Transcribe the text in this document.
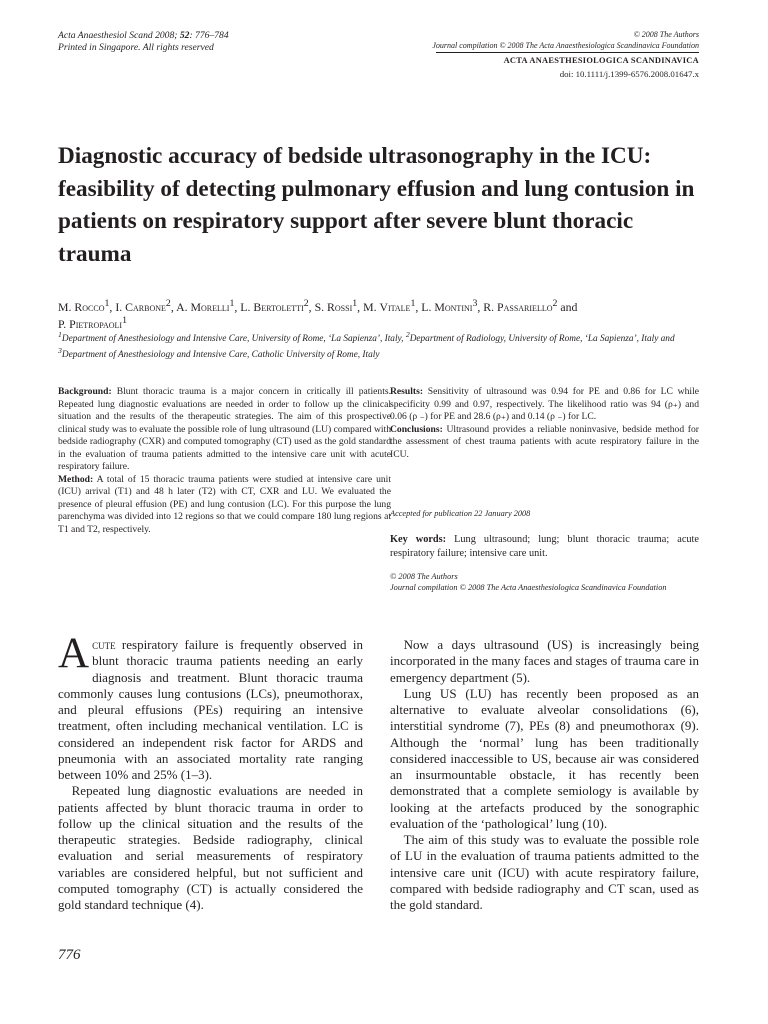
Acta Anaesthesiol Scand 2008; 52: 776–784
Printed in Singapore. All rights reserved
© 2008 The Authors
Journal compilation © 2008 The Acta Anaesthesiologica Scandinavica Foundation
ACTA ANAESTHESIOLOGICA SCANDINAVICA
doi: 10.1111/j.1399-6576.2008.01647.x
Diagnostic accuracy of bedside ultrasonography in the ICU: feasibility of detecting pulmonary effusion and lung contusion in patients on respiratory support after severe blunt thoracic trauma
M. Rocco$^1$, I. Carbone$^2$, A. Morelli$^1$, L. Bertoletti$^2$, S. Rossi$^1$, M. Vitale$^1$, L. Montini$^3$, R. Passariello$^2$ and
P. Pietropaoli$^1$
$^1$Department of Anesthesiology and Intensive Care, University of Rome, ‘La Sapienza’, Italy, $^2$Department of Radiology, University of Rome, ‘La Sapienza’, Italy and $^3$Department of Anesthesiology and Intensive Care, Catholic University of Rome, Italy

Background: Blunt thoracic trauma is a major concern in critically ill patients. Repeated lung diagnostic evaluations are needed in order to follow up the clinical situation and the results of the therapeutic strategies. The aim of this prospective clinical study was to evaluate the possible role of lung ultrasound (LU) compared with bedside radiography (CXR) and computed tomography (CT) used as the gold standard in the evaluation of trauma patients admitted to the intensive care unit with acute respiratory failure.

Method: A total of 15 thoracic trauma patients were studied at intensive care unit (ICU) arrival (T1) and 48 h later (T2) with CT, CXR and LU. We evaluated the presence of pleural effusion (PE) and lung contusion (LC). For this purpose the lung parenchyma was divided into 12 regions so that we could compare 180 lung regions at T1 and T2, respectively.

Results: Sensitivity of ultrasound was 0.94 for PE and 0.86 for LC while specificity 0.99 and 0.97, respectively. The likelihood ratio was 94 (ρ₊) and 0.06 (ρ ₋) for PE and 28.6 (ρ₊) and 0.14 (ρ ₋) for LC.

Conclusions: Ultrasound provides a reliable noninvasive, bedside method for the assessment of chest trauma patients with acute respiratory failure in the ICU.

Accepted for publication 22 January 2008
Key words: Lung ultrasound; lung; blunt thoracic trauma; acute respiratory failure; intensive care unit.
© 2008 The Authors
Journal compilation © 2008 The Acta Anaesthesiologica Scandinavica Foundation

Acute respiratory failure is frequently observed in blunt thoracic trauma patients needing an early diagnosis and treatment. Blunt thoracic trauma commonly causes lung contusions (LCs), pneumothorax, and pleural effusions (PEs) requiring an intensive treatment, often including mechanical ventilation. LC is considered an independent risk factor for ARDS and pneumonia with an associated mortality rate ranging between 10% and 25% (1–3).

Repeated lung diagnostic evaluations are needed in patients affected by blunt thoracic trauma in order to follow up the clinical situation and the results of the therapeutic strategies. Bedside radiography, clinical evaluation and serial measurements of respiratory variables are considered helpful, but not sufficient and computed tomography (CT) is actually considered the gold standard technique (4).

Now a days ultrasound (US) is increasingly being incorporated in the many faces and stages of trauma care in emergency department (5).

Lung US (LU) has recently been proposed as an alternative to evaluate alveolar consolidations (6), interstitial syndrome (7), PEs (8) and pneumothorax (9). Although the ‘normal’ lung has been traditionally considered inaccessible to US, because air was considered an insurmountable obstacle, it has recently been demonstrated that a complete semiology is available by looking at the artefacts produced by the sonographic evaluation of the ‘pathological’ lung (10).

The aim of this study was to evaluate the possible role of LU in the evaluation of trauma patients admitted to the intensive care unit (ICU) with acute respiratory failure, compared with bedside radiography and CT scan, used as the gold standard.

776
